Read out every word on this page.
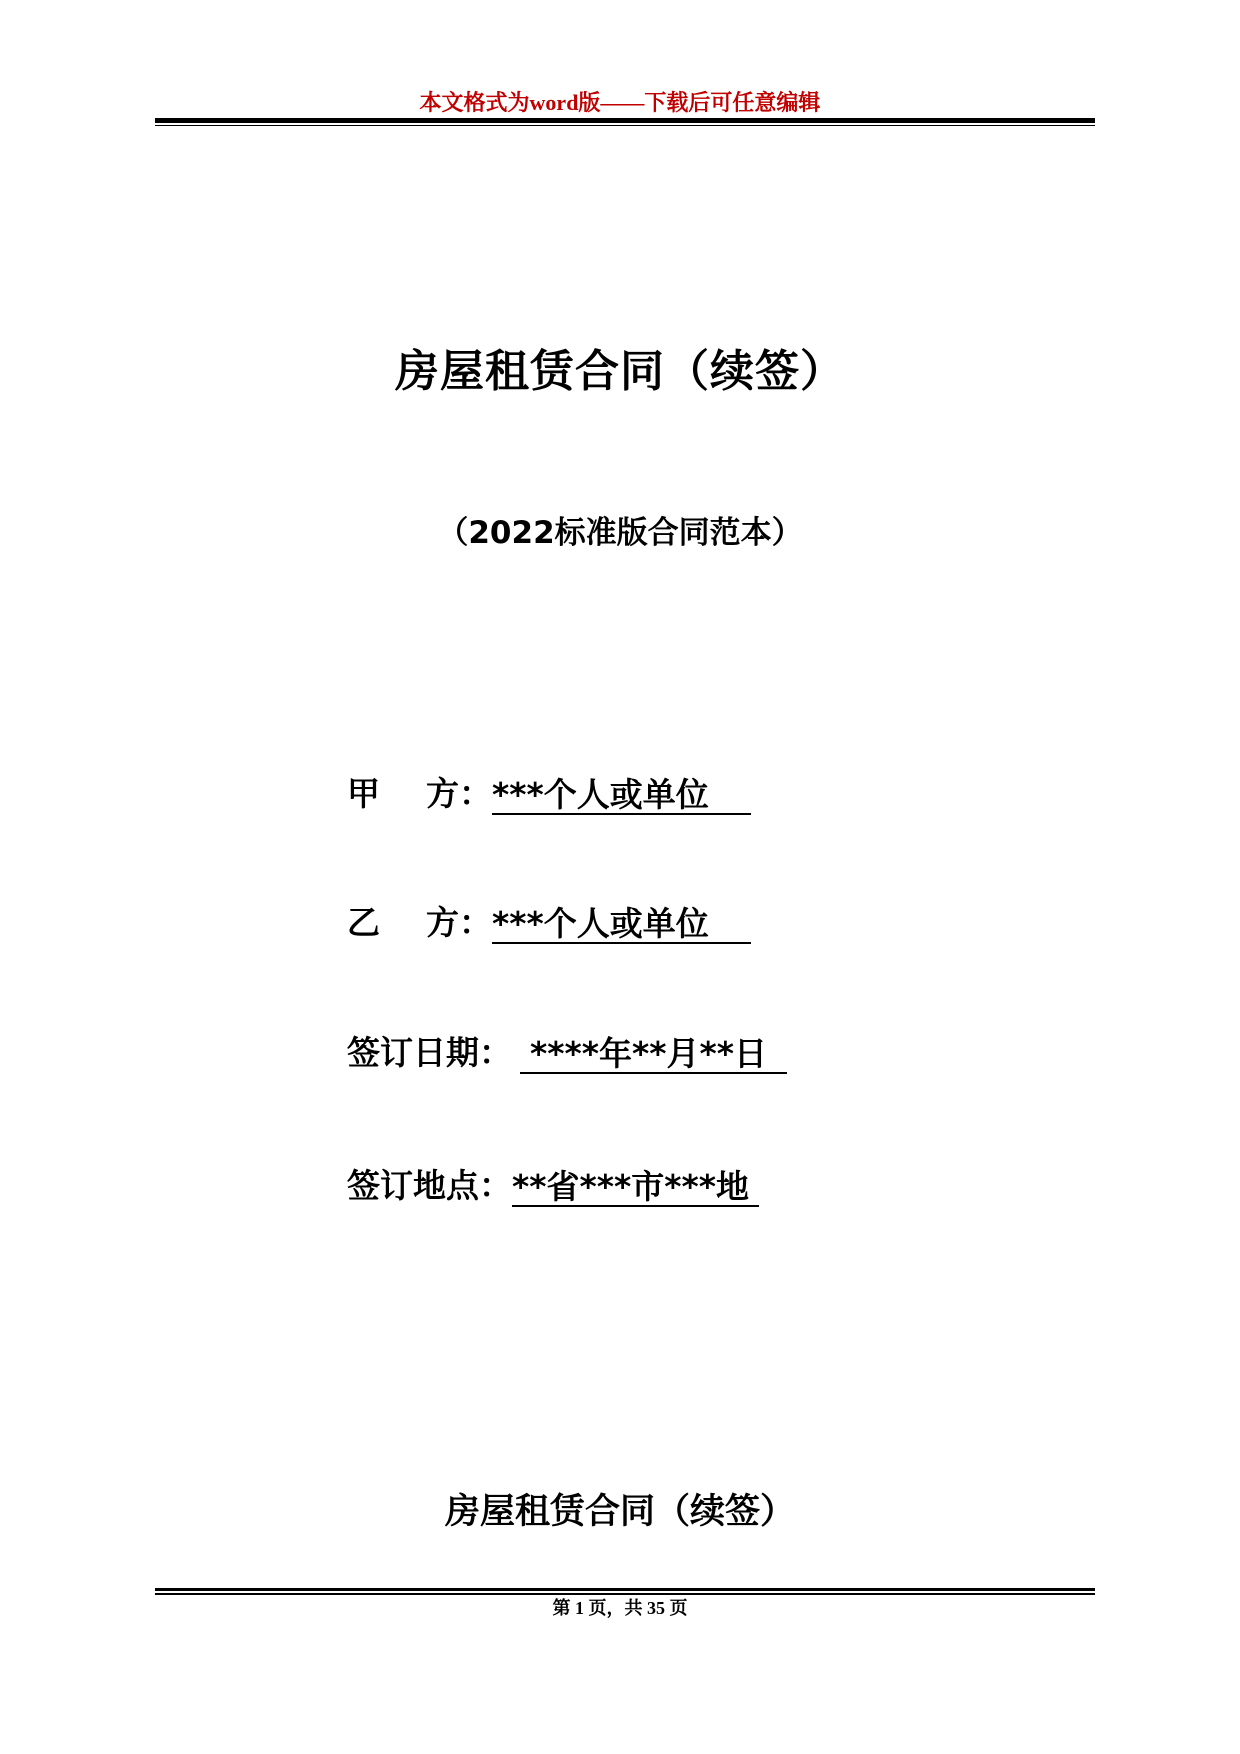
本文格式为word版——下载后可任意编辑
房屋租赁合同（续签）
（2022标准版合同范本）
甲 方： ***个人或单位
乙 方： ***个人或单位
签订日期： ****年**月**日
签订地点： **省***市***地
房屋租赁合同（续签）
第 1 页，共 35 页
